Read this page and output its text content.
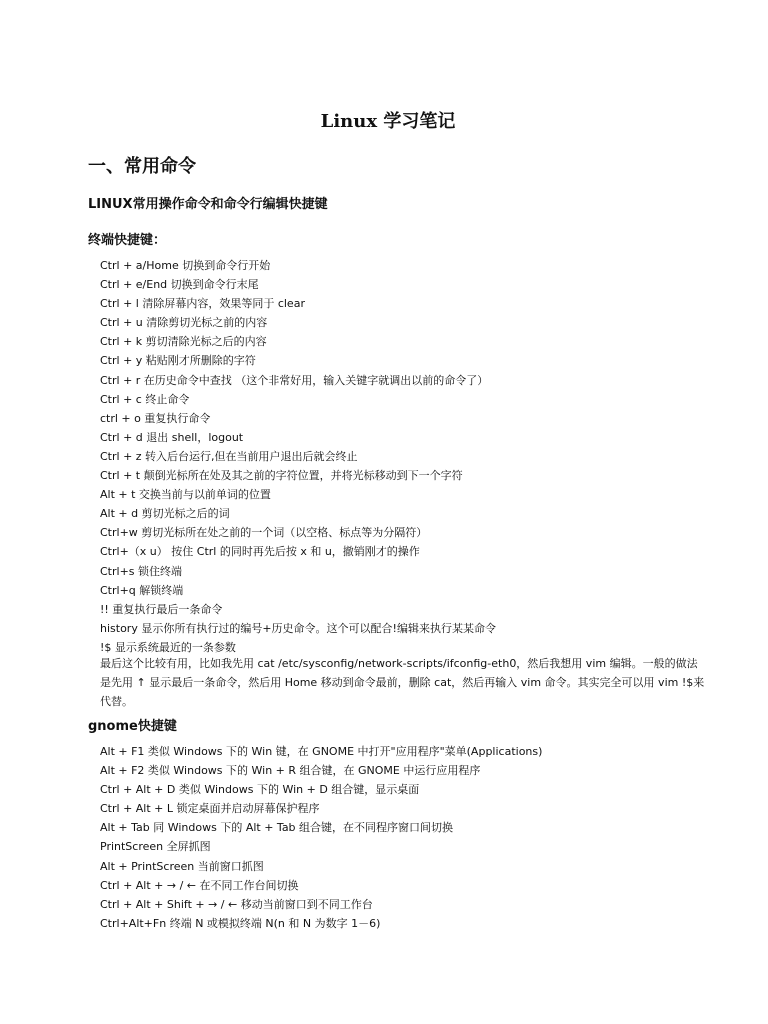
Linux 学习笔记
一、常用命令
LINUX常用操作命令和命令行编辑快捷键
终端快捷键：
Ctrl + a/Home 切换到命令行开始
Ctrl + e/End 切换到命令行末尾
Ctrl + l 清除屏幕内容，效果等同于 clear
Ctrl + u 清除剪切光标之前的内容
Ctrl + k 剪切清除光标之后的内容
Ctrl + y 粘贴刚才所删除的字符
Ctrl + r 在历史命令中查找 （这个非常好用，输入关键字就调出以前的命令了）
Ctrl + c 终止命令
ctrl + o 重复执行命令
Ctrl + d 退出 shell，logout
Ctrl + z 转入后台运行,但在当前用户退出后就会终止
Ctrl + t 颠倒光标所在处及其之前的字符位置，并将光标移动到下一个字符
Alt + t 交换当前与以前单词的位置
Alt + d 剪切光标之后的词
Ctrl+w 剪切光标所在处之前的一个词（以空格、标点等为分隔符）
Ctrl+（x u） 按住 Ctrl 的同时再先后按 x 和 u，撤销刚才的操作
Ctrl+s 锁住终端
Ctrl+q 解锁终端
!! 重复执行最后一条命令
history 显示你所有执行过的编号+历史命令。这个可以配合!编辑来执行某某命令
!$ 显示系统最近的一条参数

最后这个比较有用，比如我先用 cat /etc/sysconfig/network-scripts/ifconfig-eth0，然后我想用 vim 编辑。一般的做法是先用 ↑ 显示最后一条命令，然后用 Home 移动到命令最前，删除 cat，然后再输入 vim 命令。其实完全可以用 vim !$来代替。

gnome快捷键
Alt + F1 类似 Windows 下的 Win 键，在 GNOME 中打开"应用程序"菜单(Applications)
Alt + F2 类似 Windows 下的 Win + R 组合键，在 GNOME 中运行应用程序
Ctrl + Alt + D 类似 Windows 下的 Win + D 组合键，显示桌面
Ctrl + Alt + L 锁定桌面并启动屏幕保护程序
Alt + Tab 同 Windows 下的 Alt + Tab 组合键，在不同程序窗口间切换
PrintScreen 全屏抓图
Alt + PrintScreen 当前窗口抓图
Ctrl + Alt + → / ← 在不同工作台间切换
Ctrl + Alt + Shift + → / ← 移动当前窗口到不同工作台
Ctrl+Alt+Fn 终端 N 或模拟终端 N(n 和 N 为数字 1－6)
